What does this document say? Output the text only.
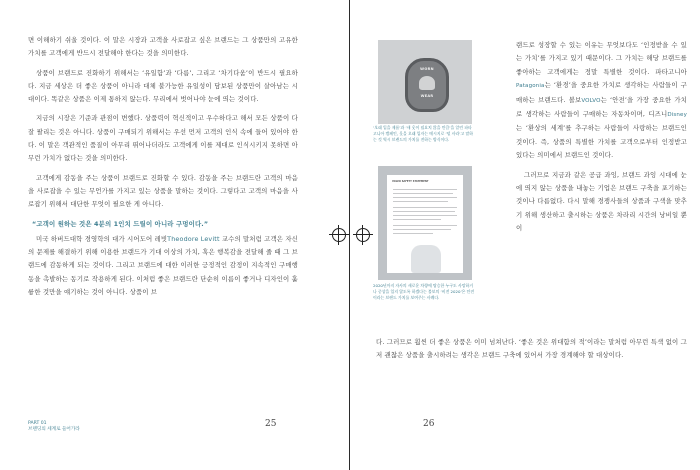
면 이해하기 쉬울 것이다. 이 말은 시장과 고객을 사로잡고 싶은 브랜드는 그 상품만의 고유한 가치를 고객에게 반드시 전달해야 한다는 것을 의미한다.

상품이 브랜드로 진화하기 위해서는 ‘유일함’과 ‘다름’, 그리고 ‘차기다움’이 반드시 필요하다. 지금 세상은 더 좋은 상품이 아니라 대체 불가능한 유일성이 담보된 상품만이 살아남는 시대이다. 똑같은 상품은 이제 통하지 않는다. 무리에서 벗어나야 눈에 띄는 것이다.

지금의 시장은 기준과 관점이 변했다. 상품력이 혁신적이고 우수하다고 해서 모든 상품이 다 잘 팔리는 것은 아니다. 상품이 구매되기 위해서는 우선 먼저 고객의 인식 속에 들어 있어야 한다. 이 말은 객관적인 품질이 아무리 뛰어나더라도 고객에게 이를 제대로 인식시키지 못하면 아무런 가치가 없다는 것을 의미한다.

고객에게 감동을 주는 상품이 브랜드로 진화할 수 있다. 감동을 주는 브랜드란 고객의 마음을 사로잡을 수 있는 무언가를 가지고 있는 상품을 말하는 것이다. 그렇다고 고객의 마음을 사로잡기 위해서 대단한 무엇이 필요한 게 아니다.

“고객이 원하는 것은 4분의 1인치 드릴이 아니라 구멍이다.”

미국 하버드대학 경영학의 대가 시어도어 레빗Theodore Levitt 교수의 말처럼 고객은 자신의 문제를 해결하기 위해 이용한 브랜드가 기대 이상의 가치, 혹은 행복감을 전달해 줄 때 그 브랜드에 감동하게 되는 것이다. 그리고 브랜드에 대한 이러한 긍정적인 감정이 지속적인 구매행동을 촉발하는 동기로 작용하게 된다. 이처럼 좋은 브랜드란 단순히 이름이 좋거나 디자인이 훌륭한 것만을 얘기하는 것이 아니다. 상품이 브

PART 01
브랜딩의 세계로 들어가라
25
WORN
WEAR
‘오래 입을 제품’과 ‘새 옷이 필요치 않을 만큼’을 알린 파타고니아 캠페인, 옷을 오래 입자는 메시지로 ‘덜 사라’고 말하는 것 역시 브랜드의 가치를 전하는 방식이다.
VOLVO SAFETY STATEMENT
2020년까지 자사의 새로운 차량에 탑승한 누구도 사망하거나 중상을 입지 않도록 하겠다는 볼보의 ‘비전 2020’은 안전이라는 브랜드 가치를 보여주는 사례다.

랜드로 성장할 수 있는 이유는 무엇보다도 ‘인정받을 수 있는 가치’를 가지고 있기 때문이다. 그 가치는 해당 브랜드를 좋아하는 고객에게는 정말 특별한 것이다. 파타고니아Patagonia는 ‘환경’을 중요한 가치로 생각하는 사람들이 구매하는 브랜드다. 볼보VOLVO는 ‘안전’을 가장 중요한 가치로 생각하는 사람들이 구매하는 자동차이며, 디즈니Disney는 ‘환상의 세계’를 추구하는 사람들이 사랑하는 브랜드인 것이다. 즉, 상품의 특별한 가치를 고객으로부터 인정받고 있다는 의미에서 브랜드인 것이다.

그러므로 지금과 같은 공급 과잉, 브랜드 과잉 시대에 눈에 띄지 않는 상품을 내놓는 기업은 브랜드 구축을 포기하는 것이나 다름없다. 다시 말해 경쟁사들의 상품과 구색을 맞추기 위해 생산하고 출시하는 상품은 차라리 시간의 낭비일 뿐이

다. 그러므로 훨씬 더 좋은 상품은 이미 넘쳐난다. ‘좋은 것은 위대함의 적’이라는 말처럼 아무런 특색 없이 그저 괜찮은 상품을 출시하려는 생각은 브랜드 구축에 있어서 가장 경계해야 할 대상이다.

26
